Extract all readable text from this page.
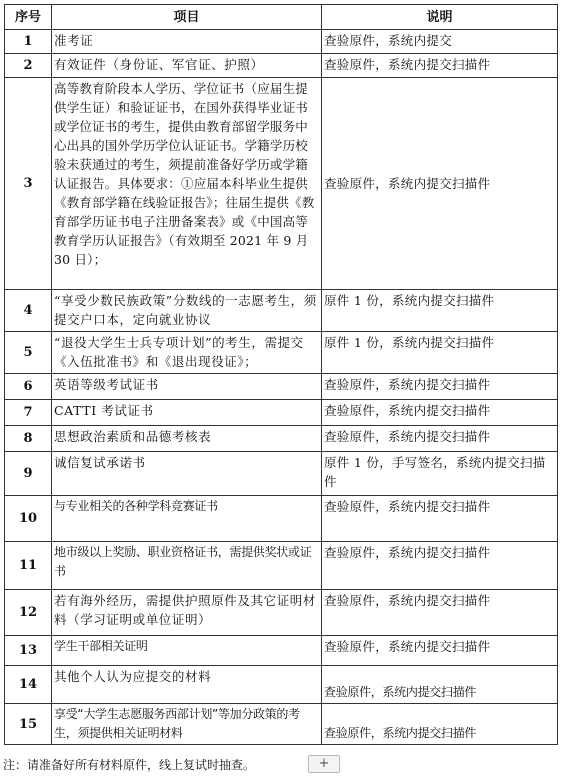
序号	项目	说明
1	准考证	查验原件，系统内提交
2	有效证件（身份证、军官证、护照）	查验原件，系统内提交扫描件
3	高等教育阶段本人学历、学位证书（应届生提供学生证）和验证证书，在国外获得毕业证书或学位证书的考生，提供由教育部留学服务中心出具的国外学历学位认证证书。学籍学历校验未获通过的考生，须提前准备好学历或学籍认证报告。具体要求：①应届本科毕业生提供《教育部学籍在线验证报告》；往届生提供《教育部学历证书电子注册备案表》或《中国高等教育学历认证报告》（有效期至 2021 年 9 月 30 日）；	查验原件，系统内提交扫描件
4	“享受少数民族政策”分数线的一志愿考生，须提交户口本，定向就业协议	原件 1 份，系统内提交扫描件
5	“退役大学生士兵专项计划”的考生，需提交《入伍批准书》和《退出现役证》；	原件 1 份，系统内提交扫描件
6	英语等级考试证书	查验原件，系统内提交扫描件
7	CATTI 考试证书	查验原件，系统内提交扫描件
8	思想政治素质和品德考核表	查验原件，系统内提交扫描件
9	诚信复试承诺书	原件 1 份，手写签名，系统内提交扫描件
10	与专业相关的各种学科竞赛证书	查验原件，系统内提交扫描件
11	地市级以上奖励、职业资格证书，需提供奖状或证书	查验原件，系统内提交扫描件
12	若有海外经历，需提供护照原件及其它证明材料（学习证明或单位证明）	查验原件，系统内提交扫描件
13	学生干部相关证明	查验原件，系统内提交扫描件
14	其他个人认为应提交的材料	查验原件，系统内提交扫描件
15	享受“大学生志愿服务西部计划”等加分政策的考生，须提供相关证明材料	查验原件，系统内提交扫描件
注：请准备好所有材料原件，线上复试时抽查。	+
